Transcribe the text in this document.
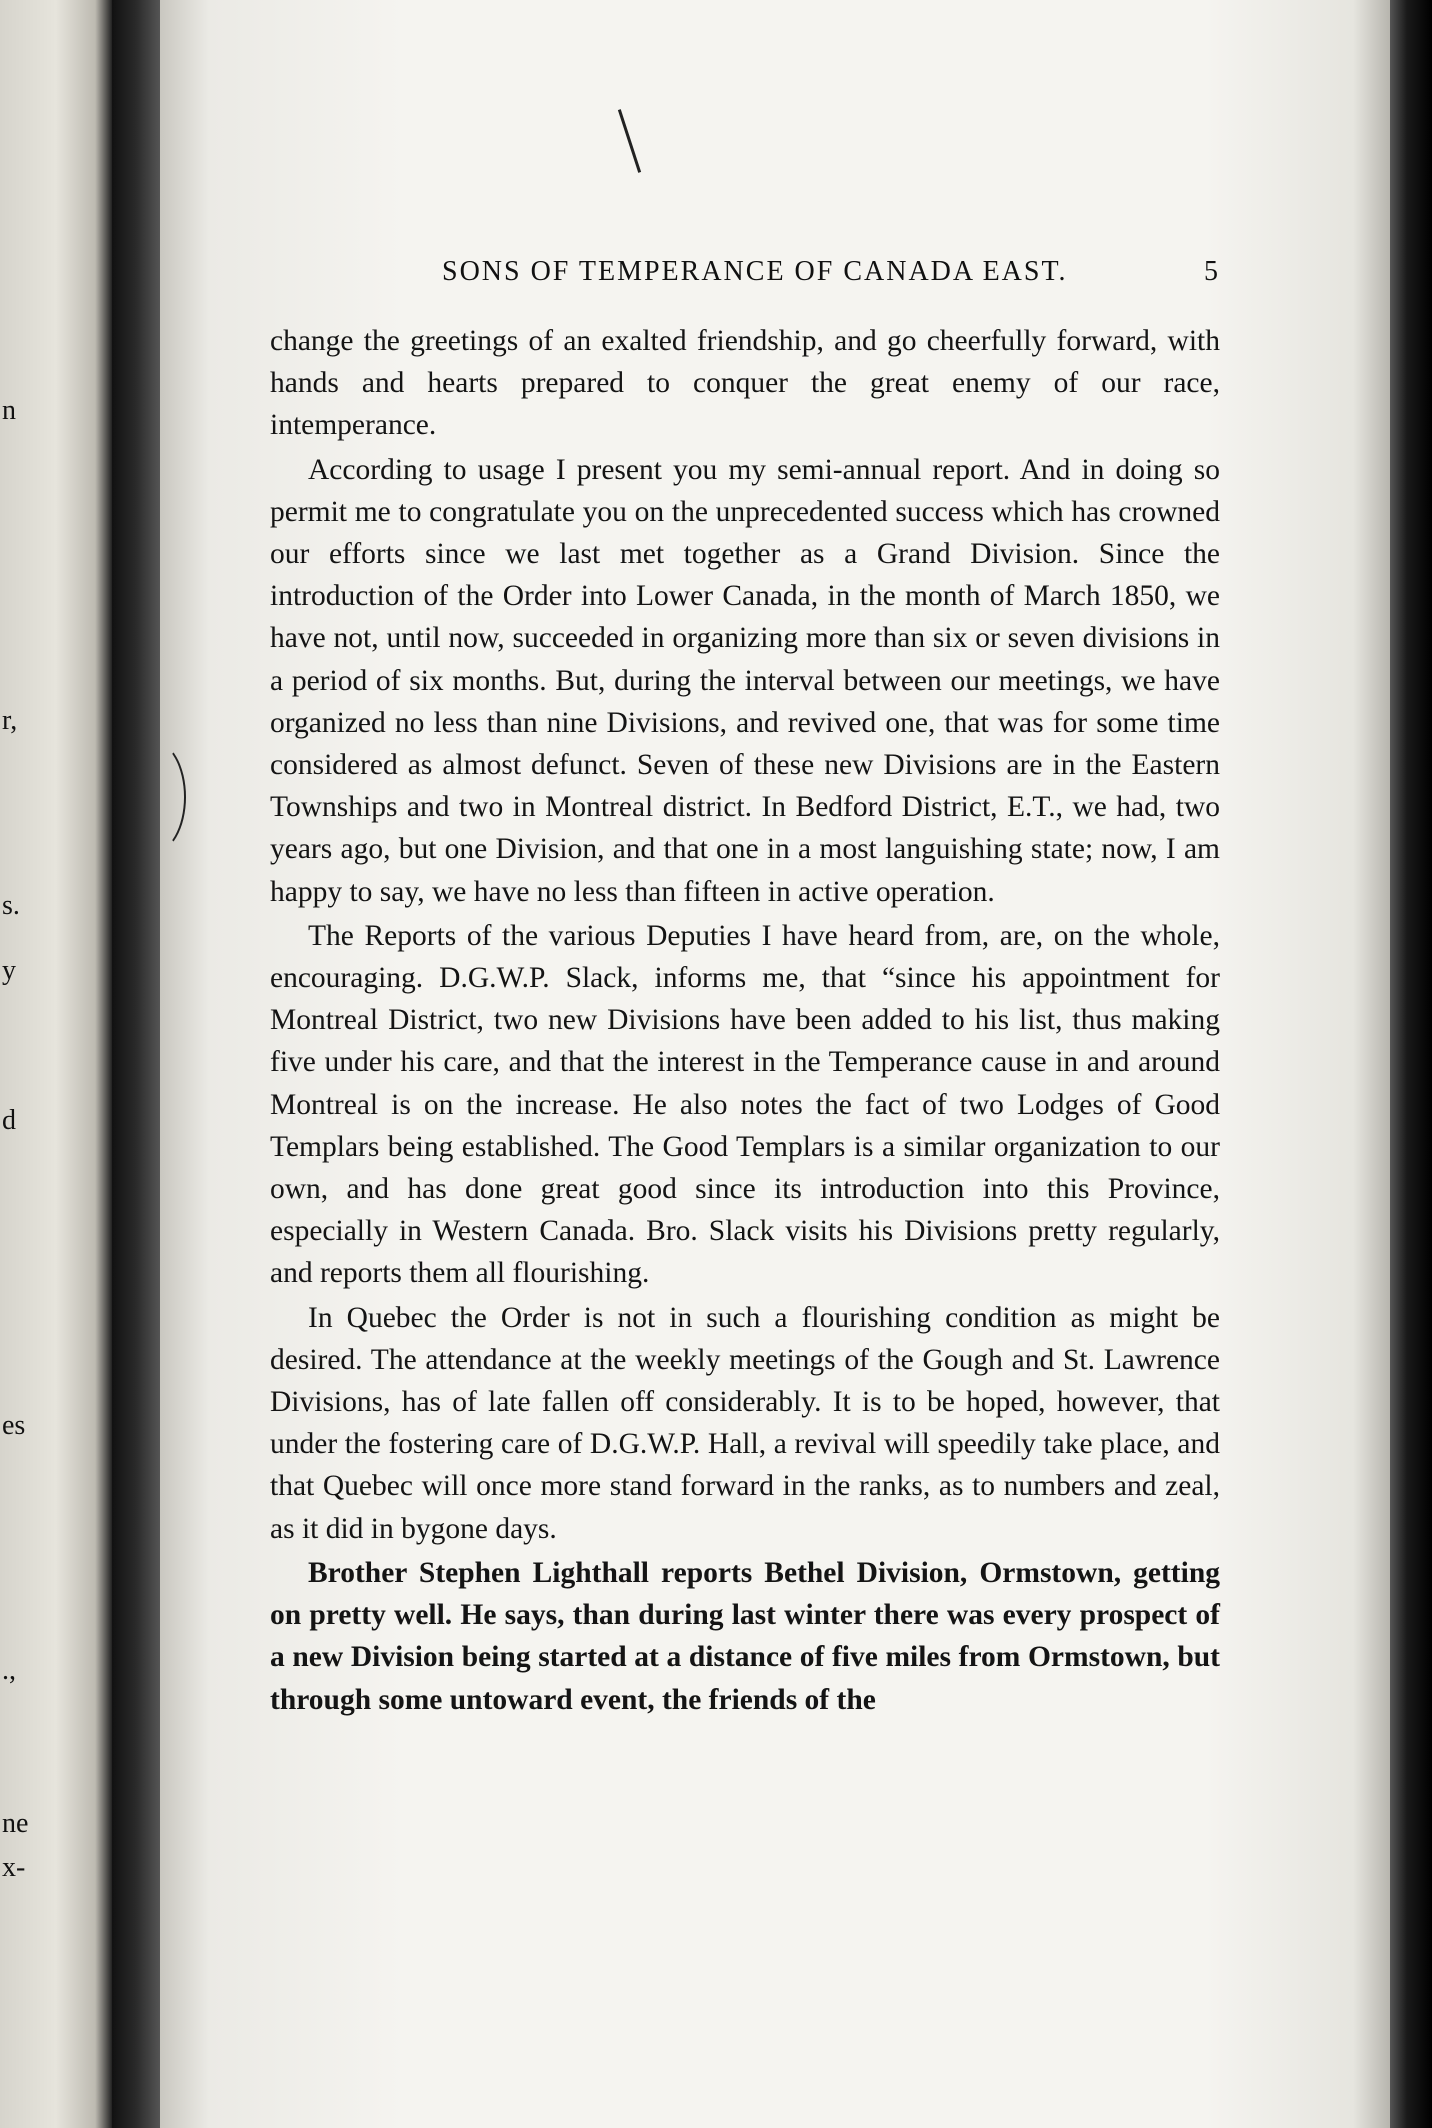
n
r,
s.
y
d
es
.,
ne
x-
SONS OF TEMPERANCE OF CANADA EAST.	5

change the greetings of an exalted friendship, and go cheerfully forward, with hands and hearts prepared to conquer the great enemy of our race, intemperance.

According to usage I present you my semi-annual report. And in doing so permit me to congratulate you on the unprecedented success which has crowned our efforts since we last met together as a Grand Division. Since the introduction of the Order into Lower Canada, in the month of March 1850, we have not, until now, succeeded in organizing more than six or seven divisions in a period of six months. But, during the interval between our meetings, we have organized no less than nine Divisions, and revived one, that was for some time considered as almost defunct. Seven of these new Divisions are in the Eastern Townships and two in Montreal district. In Bedford District, E.T., we had, two years ago, but one Division, and that one in a most languishing state; now, I am happy to say, we have no less than fifteen in active operation.

The Reports of the various Deputies I have heard from, are, on the whole, encouraging. D.G.W.P. Slack, informs me, that “since his appointment for Montreal District, two new Divisions have been added to his list, thus making five under his care, and that the interest in the Temperance cause in and around Montreal is on the increase. He also notes the fact of two Lodges of Good Templars being established. The Good Templars is a similar organization to our own, and has done great good since its introduction into this Province, especially in Western Canada. Bro. Slack visits his Divisions pretty regularly, and reports them all flourishing.

In Quebec the Order is not in such a flourishing condition as might be desired. The attendance at the weekly meetings of the Gough and St. Lawrence Divisions, has of late fallen off considerably. It is to be hoped, however, that under the fostering care of D.G.W.P. Hall, a revival will speedily take place, and that Quebec will once more stand forward in the ranks, as to numbers and zeal, as it did in bygone days.

Brother Stephen Lighthall reports Bethel Division, Ormstown, getting on pretty well. He says, than during last winter there was every prospect of a new Division being started at a distance of five miles from Ormstown, but through some untoward event, the friends of the
